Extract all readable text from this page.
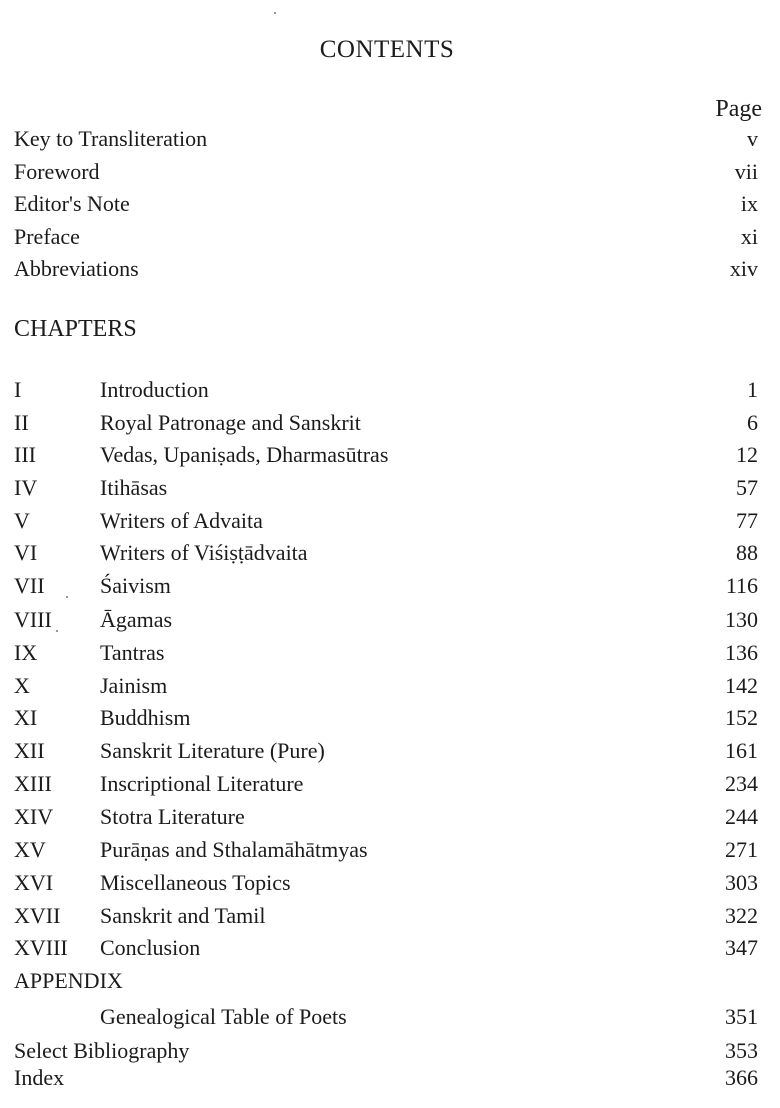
CONTENTS
Page
Key to Transliteration	v
Foreword	vii
Editor's Note	ix
Preface	xi
Abbreviations	xiv
CHAPTERS
I	Introduction	1
II	Royal Patronage and Sanskrit	6
III	Vedas, Upaniṣads, Dharmasūtras	12
IV	Itihāsas	57
V	Writers of Advaita	77
VI	Writers of Viśiṣṭādvaita	88
VII	Śaivism	116
VIII Āgamas	130
IX	Tantras	136
X	Jainism	142
XI	Buddhism	152
XII	Sanskrit Literature (Pure)	161
XIII Inscriptional Literature	234
XIV Stotra Literature	244
XV Purāṇas and Sthalamāhātmyas	271
XVI Miscellaneous Topics	303
XVII Sanskrit and Tamil	322
XVIII Conclusion	347
APPENDIX
Genealogical Table of Poets	351
Select Bibliography	353
Index	366
